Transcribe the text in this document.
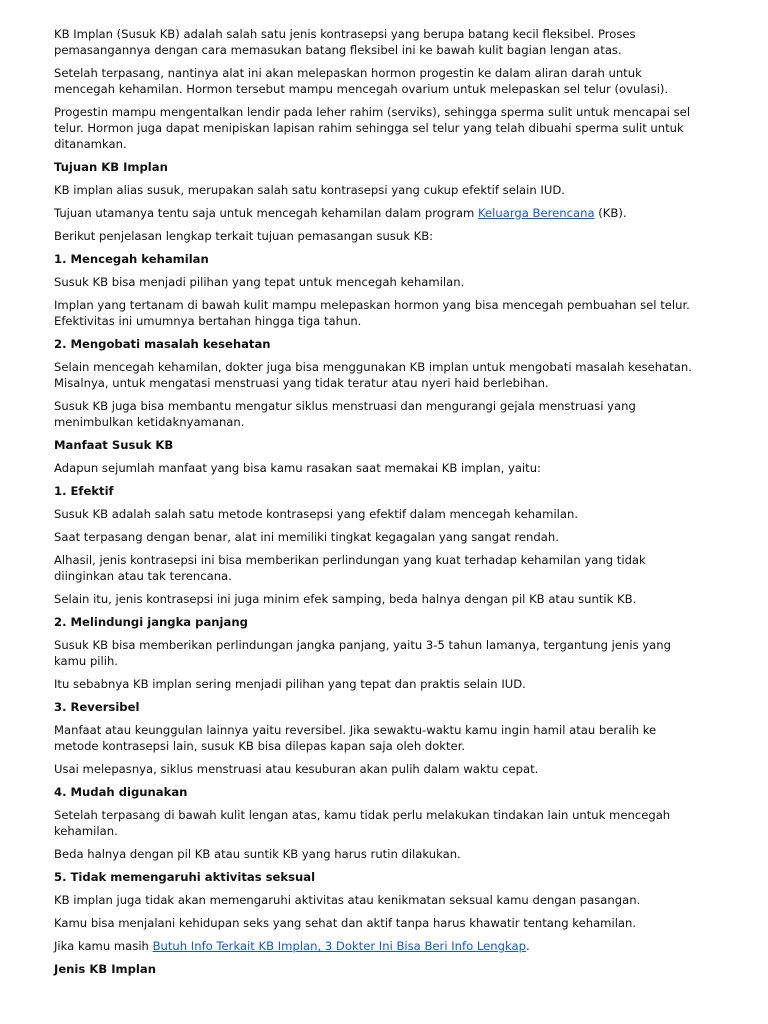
KB Implan (Susuk KB) adalah salah satu jenis kontrasepsi yang berupa batang kecil fleksibel. Proses pemasangannya dengan cara memasukan batang fleksibel ini ke bawah kulit bagian lengan atas.
Setelah terpasang, nantinya alat ini akan melepaskan hormon progestin ke dalam aliran darah untuk mencegah kehamilan. Hormon tersebut mampu mencegah ovarium untuk melepaskan sel telur (ovulasi).
Progestin mampu mengentalkan lendir pada leher rahim (serviks), sehingga sperma sulit untuk mencapai sel telur. Hormon juga dapat menipiskan lapisan rahim sehingga sel telur yang telah dibuahi sperma sulit untuk ditanamkan.
Tujuan KB Implan
KB implan alias susuk, merupakan salah satu kontrasepsi yang cukup efektif selain IUD.
Tujuan utamanya tentu saja untuk mencegah kehamilan dalam program Keluarga Berencana (KB).
Berikut penjelasan lengkap terkait tujuan pemasangan susuk KB:
1. Mencegah kehamilan
Susuk KB bisa menjadi pilihan yang tepat untuk mencegah kehamilan.
Implan yang tertanam di bawah kulit mampu melepaskan hormon yang bisa mencegah pembuahan sel telur. Efektivitas ini umumnya bertahan hingga tiga tahun.
2. Mengobati masalah kesehatan
Selain mencegah kehamilan, dokter juga bisa menggunakan KB implan untuk mengobati masalah kesehatan. Misalnya, untuk mengatasi menstruasi yang tidak teratur atau nyeri haid berlebihan.
Susuk KB juga bisa membantu mengatur siklus menstruasi dan mengurangi gejala menstruasi yang menimbulkan ketidaknyamanan.
Manfaat Susuk KB
Adapun sejumlah manfaat yang bisa kamu rasakan saat memakai KB implan, yaitu:
1. Efektif
Susuk KB adalah salah satu metode kontrasepsi yang efektif dalam mencegah kehamilan.
Saat terpasang dengan benar, alat ini memiliki tingkat kegagalan yang sangat rendah.
Alhasil, jenis kontrasepsi ini bisa memberikan perlindungan yang kuat terhadap kehamilan yang tidak diinginkan atau tak terencana.
Selain itu, jenis kontrasepsi ini juga minim efek samping, beda halnya dengan pil KB atau suntik KB.
2. Melindungi jangka panjang
Susuk KB bisa memberikan perlindungan jangka panjang, yaitu 3-5 tahun lamanya, tergantung jenis yang kamu pilih.
Itu sebabnya KB implan sering menjadi pilihan yang tepat dan praktis selain IUD.
3. Reversibel
Manfaat atau keunggulan lainnya yaitu reversibel. Jika sewaktu-waktu kamu ingin hamil atau beralih ke metode kontrasepsi lain, susuk KB bisa dilepas kapan saja oleh dokter.
Usai melepasnya, siklus menstruasi atau kesuburan akan pulih dalam waktu cepat.
4. Mudah digunakan
Setelah terpasang di bawah kulit lengan atas, kamu tidak perlu melakukan tindakan lain untuk mencegah kehamilan.
Beda halnya dengan pil KB atau suntik KB yang harus rutin dilakukan.
5. Tidak memengaruhi aktivitas seksual
KB implan juga tidak akan memengaruhi aktivitas atau kenikmatan seksual kamu dengan pasangan.
Kamu bisa menjalani kehidupan seks yang sehat dan aktif tanpa harus khawatir tentang kehamilan.
Jika kamu masih Butuh Info Terkait KB Implan, 3 Dokter Ini Bisa Beri Info Lengkap.
Jenis KB Implan
